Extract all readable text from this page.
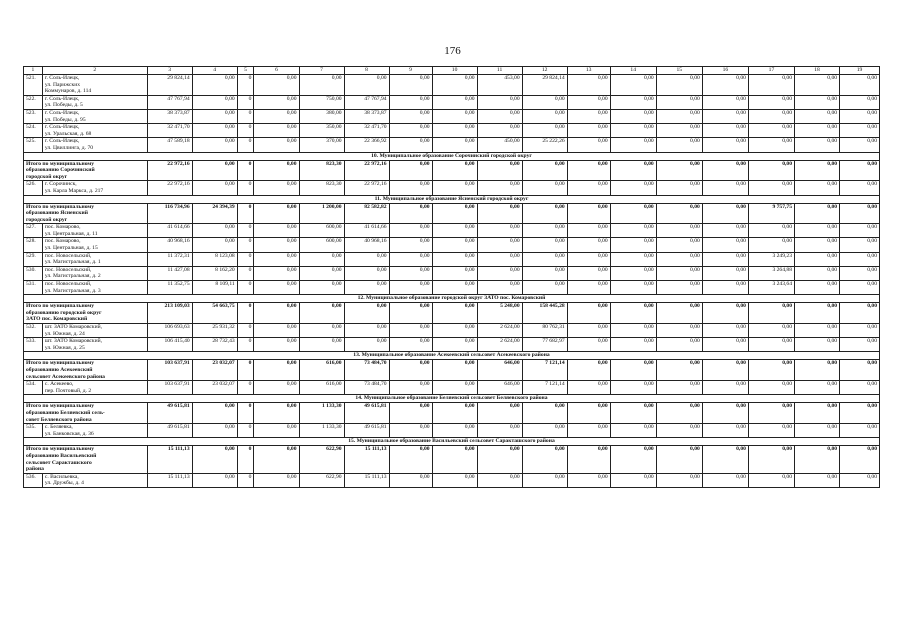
176
1	2	3	4	5	6	7	8	9	10	11	12	13	14	15	16	17	18	19
521.	г. Соль-Илецк,
ул. Парижских
Коммунаров, д. 114	29 824,14	0,00	0	0,00	0,00	0,00	0,00	0,00	453,00	29 824,14	0,00	0,00	0,00	0,00	0,00	0,00	0,00
522.	г. Соль-Илецк,
ул. Победы, д. 5	47 767,94	0,00	0	0,00	750,00	47 767,94	0,00	0,00	0,00	0,00	0,00	0,00	0,00	0,00	0,00	0,00	0,00
523.	г. Соль-Илецк,
ул. Победы, д. 95	38 373,87	0,00	0	0,00	380,00	38 373,87	0,00	0,00	0,00	0,00	0,00	0,00	0,00	0,00	0,00	0,00	0,00
524.	г. Соль-Илецк,
ул. Уральская, д. 68	32 471,70	0,00	0	0,00	350,00	32 471,70	0,00	0,00	0,00	0,00	0,00	0,00	0,00	0,00	0,00	0,00	0,00
525.	г. Соль-Илецк,
ул. Цвиллинга, д. 70	47 589,18	0,00	0	0,00	370,00	22 366,92	0,00	0,00	450,00	25 222,26	0,00	0,00	0,00	0,00	0,00	0,00	0,00
10. Муниципальное образование Сорочинский городской округ																		

Итого по муниципальному
образованию Сорочинский
городской округ		22 972,16	0,00	0	0,00	823,30	22 972,16	0,00	0,00	0,00	0,00	0,00	0,00	0,00	0,00	0,00	0,00	0,00
526.	г. Сорочинск,
ул. Карла Маркса, д. 217	22 972,16	0,00	0	0,00	823,30	22 972,16	0,00	0,00	0,00	0,00	0,00	0,00	0,00	0,00	0,00	0,00	0,00
11. Муниципальное образование Ясненский городской округ																		

Итого по муниципальному
образованию Ясненский
городской округ		116 734,96	24 394,39	0	0,00	1 200,00	82 582,82	0,00	0,00	0,00	0,00	0,00	0,00	0,00	0,00	9 757,75	0,00	0,00
527.	пос. Комарово,
ул. Центральная, д. 11	41 614,66	0,00	0	0,00	600,00	41 614,66	0,00	0,00	0,00	0,00	0,00	0,00	0,00	0,00	0,00	0,00	0,00
528.	пос. Комарово,
ул. Центральная, д. 15	40 968,16	0,00	0	0,00	600,00	40 968,16	0,00	0,00	0,00	0,00	0,00	0,00	0,00	0,00	0,00	0,00	0,00
529.	пос. Новосельский,
ул. Магистральная, д. 1	11 372,31	8 123,08	0	0,00	0,00	0,00	0,00	0,00	0,00	0,00	0,00	0,00	0,00	0,00	3 249,23	0,00	0,00
530.	пос. Новосельский,
ул. Магистральная, д. 2	11 427,08	8 162,20	0	0,00	0,00	0,00	0,00	0,00	0,00	0,00	0,00	0,00	0,00	0,00	3 264,88	0,00	0,00
531.	пос. Новосельский,
ул. Магистральная, д. 3	11 352,75	8 109,11	0	0,00	0,00	0,00	0,00	0,00	0,00	0,00	0,00	0,00	0,00	0,00	3 243,64	0,00	0,00
12. Муниципальное образование городской округ ЗАТО пос. Комаровский																		

Итого по муниципальному
образованию городской округ
ЗАТО пос. Комаровский		213 109,03	54 663,75	0	0,00	0,00	0,00	0,00	0,00	5 248,00	158 445,28	0,00	0,00	0,00	0,00	0,00	0,00	0,00
532.	шт. ЗАТО Комаровский,
ул. Южная, д. 24	106 693,63	25 931,32	0	0,00	0,00	0,00	0,00	0,00	2 624,00	80 762,31	0,00	0,00	0,00	0,00	0,00	0,00	0,00
533.	шт. ЗАТО Комаровский,
ул. Южная, д. 25	106 415,40	28 732,43	0	0,00	0,00	0,00	0,00	0,00	2 624,00	77 682,97	0,00	0,00	0,00	0,00	0,00	0,00	0,00
13. Муниципальное образование Асекеевский сельсовет Асекеевского района																		

Итого по муниципальному
образованию Асекеевский
сельсовет Асекеевского района		103 637,91	23 032,07	0	0,00	616,00	73 484,70	0,00	0,00	646,00	7 121,14	0,00	0,00	0,00	0,00	0,00	0,00	0,00
534.	с. Асекеево,
пер. Почтовый, д. 2	103 637,91	23 032,07	0	0,00	616,00	73 484,70	0,00	0,00	646,00	7 121,14	0,00	0,00	0,00	0,00	0,00	0,00	0,00
14. Муниципальное образование Беляевский сельсовет Беляевского района																		

Итого по муниципальному
образованию Беляевский сель-
совет Беляевского района		49 615,81	0,00	0	0,00	1 133,30	49 615,81	0,00	0,00	0,00	0,00	0,00	0,00	0,00	0,00	0,00	0,00	0,00
535.	с. Беляевка,
ул. Банковская, д. 36	49 615,81	0,00	0	0,00	1 133,30	49 615,81	0,00	0,00	0,00	0,00	0,00	0,00	0,00	0,00	0,00	0,00	0,00
15. Муниципальное образование Васильевский сельсовет Саракташского района																		

Итого по муниципальному
образованию Васильевский
сельсовет Саракташского
района		15 111,13	0,00	0	0,00	622,90	15 111,13	0,00	0,00	0,00	0,00	0,00	0,00	0,00	0,00	0,00	0,00	0,00
536.	с. Васильевка,
ул. Дружбы, д. 4	15 111,13	0,00	0	0,00	622,90	15 111,13	0,00	0,00	0,00	0,00	0,00	0,00	0,00	0,00	0,00	0,00	0,00
